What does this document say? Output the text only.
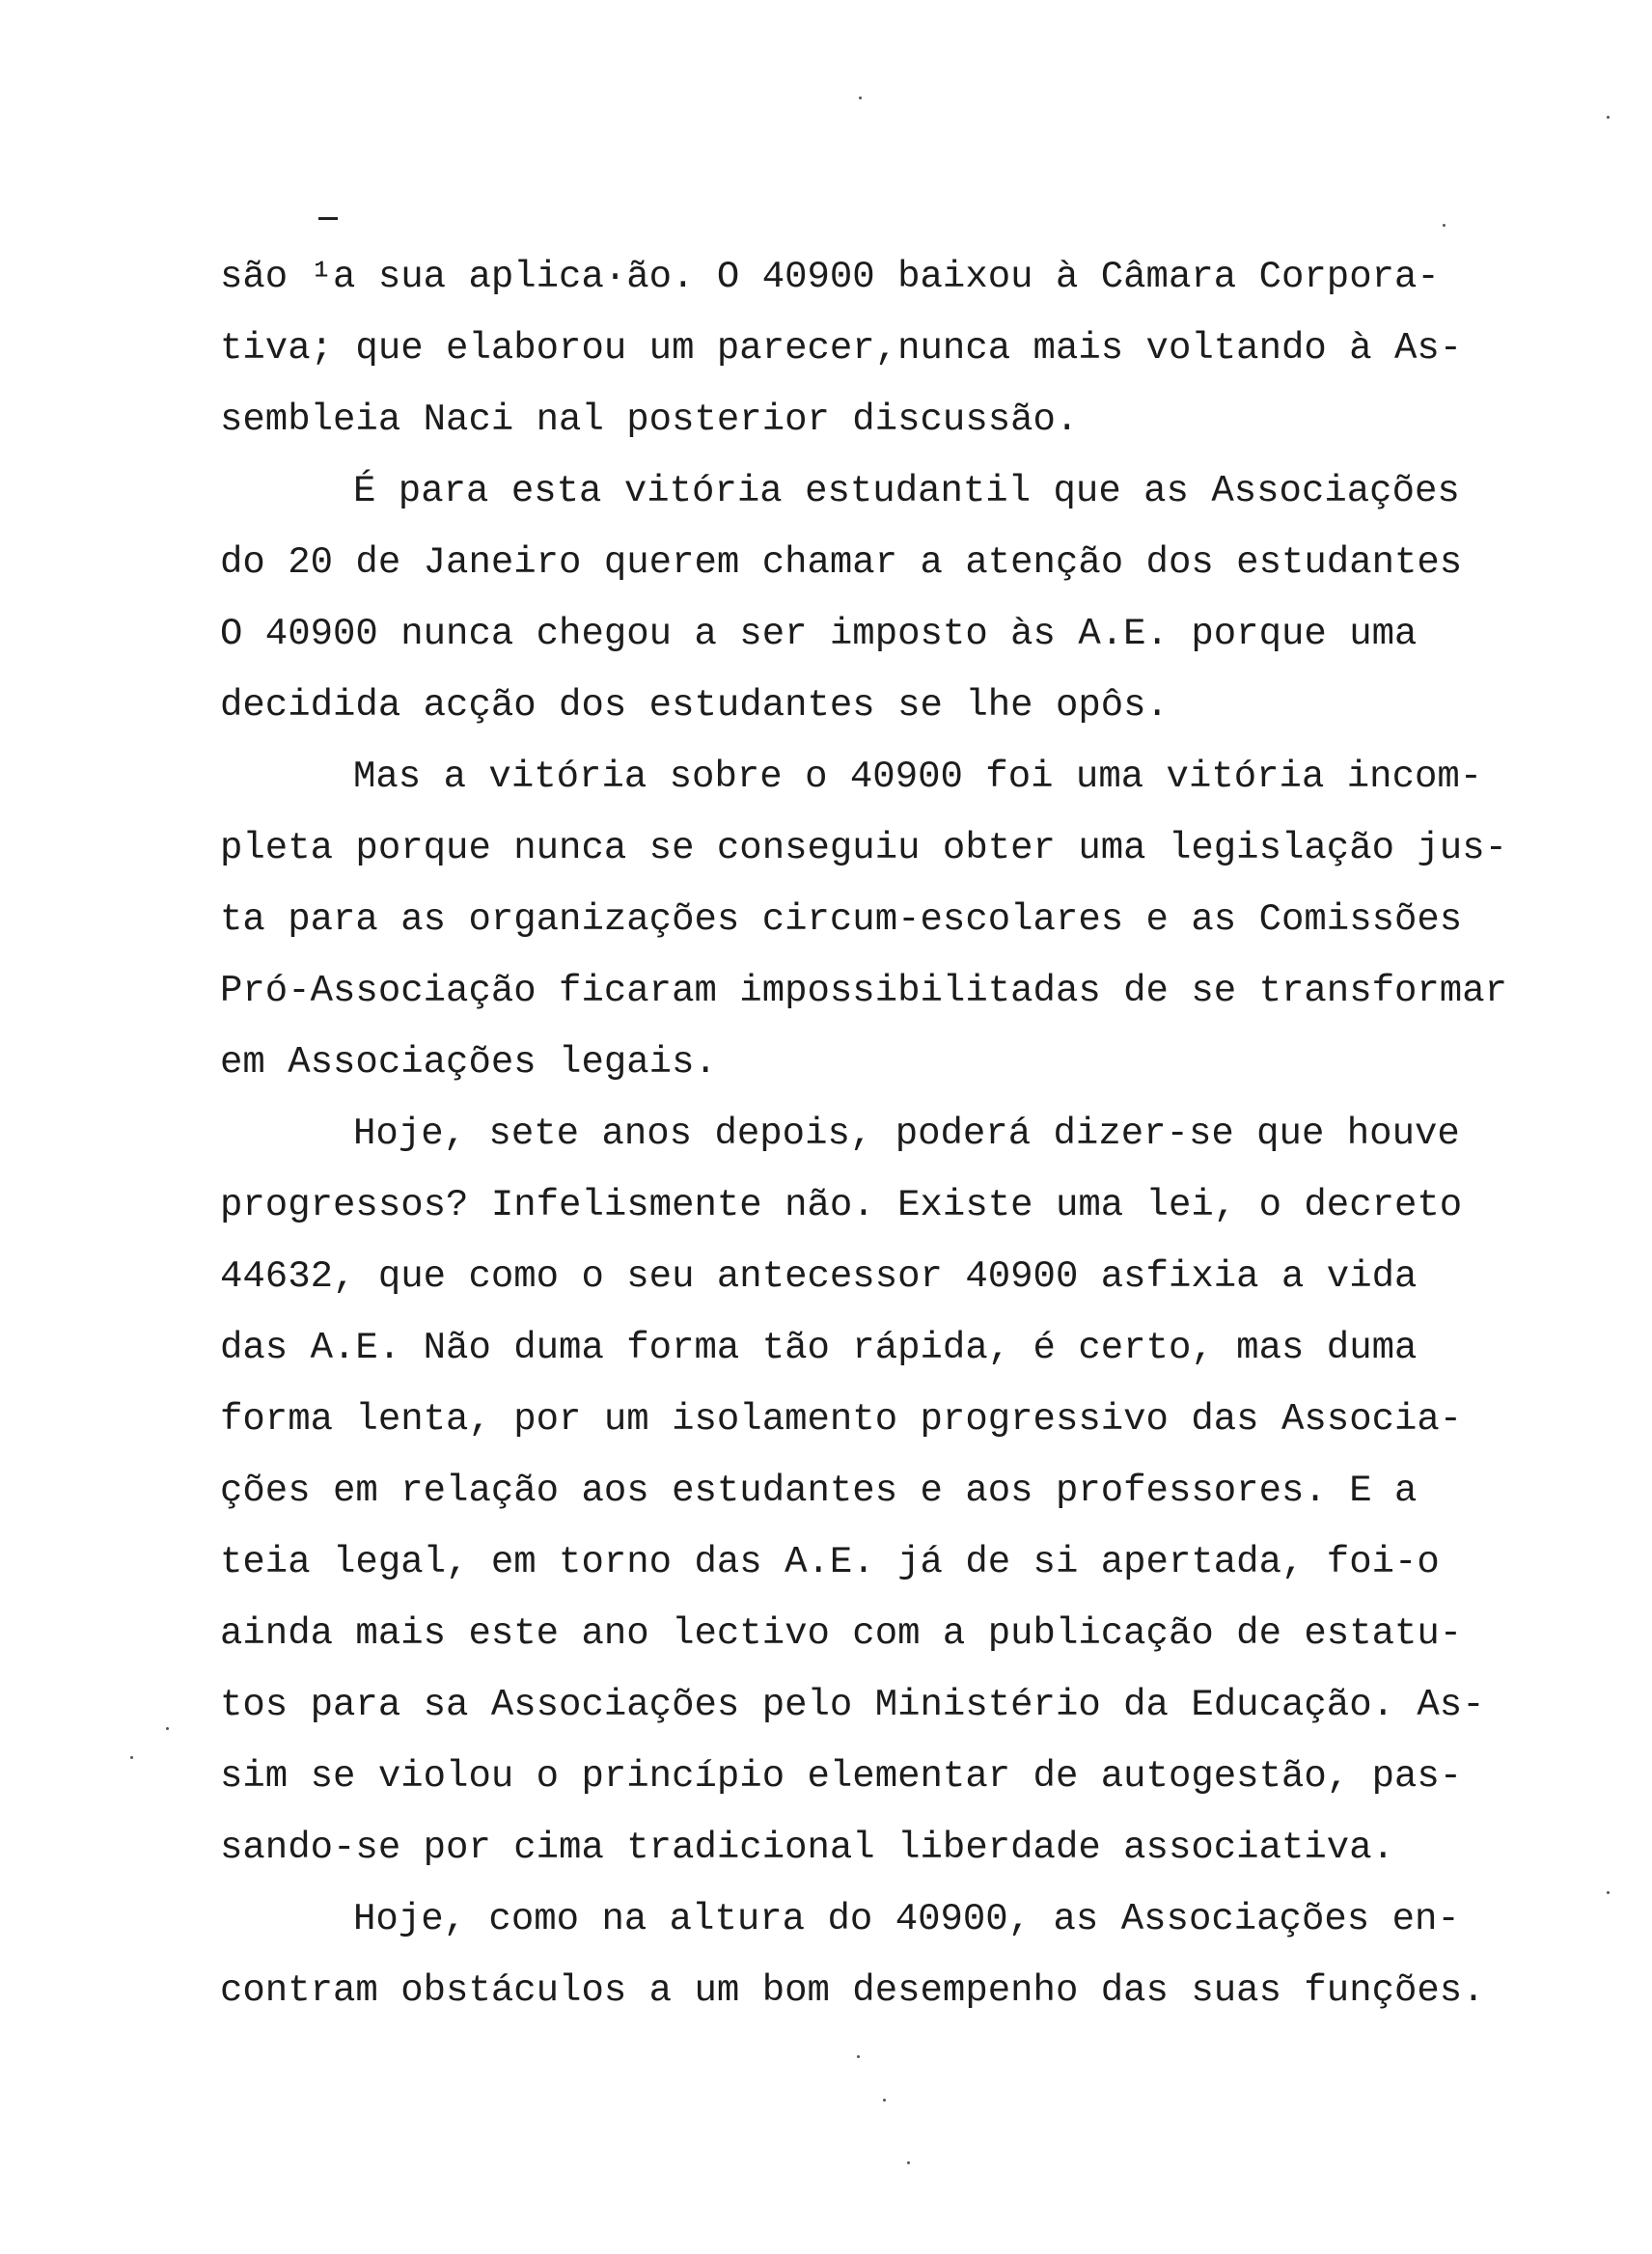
são ¹a sua aplica·ão. O 40900 baixou à Câmara Corpora-
tiva; que elaborou um parecer,nunca mais voltando à As-
sembleia Naci nal posterior discussão.
É para esta vitória estudantil que as Associações
do 20 de Janeiro querem chamar a atenção dos estudantes
O 40900 nunca chegou a ser imposto às A.E. porque uma
decidida acção dos estudantes se lhe opôs.
Mas a vitória sobre o 40900 foi uma vitória incom-
pleta porque nunca se conseguiu obter uma legislação jus-
ta para as organizações circum-escolares e as Comissões
Pró-Associação ficaram impossibilitadas de se transformar
em Associações legais.
Hoje, sete anos depois, poderá dizer-se que houve
progressos? Infelismente não. Existe uma lei, o decreto
44632, que como o seu antecessor 40900 asfixia a vida
das A.E. Não duma forma tão rápida, é certo, mas duma
forma lenta, por um isolamento progressivo das Associa-
ções em relação aos estudantes e aos professores. E a
teia legal, em torno das A.E. já de si apertada, foi-o
ainda mais este ano lectivo com a publicação de estatu-
tos para sa Associações pelo Ministério da Educação. As-
sim se violou o princípio elementar de autogestão, pas-
sando-se por cima tradicional liberdade associativa.
Hoje, como na altura do 40900, as Associações en-
contram obstáculos a um bom desempenho das suas funções.
